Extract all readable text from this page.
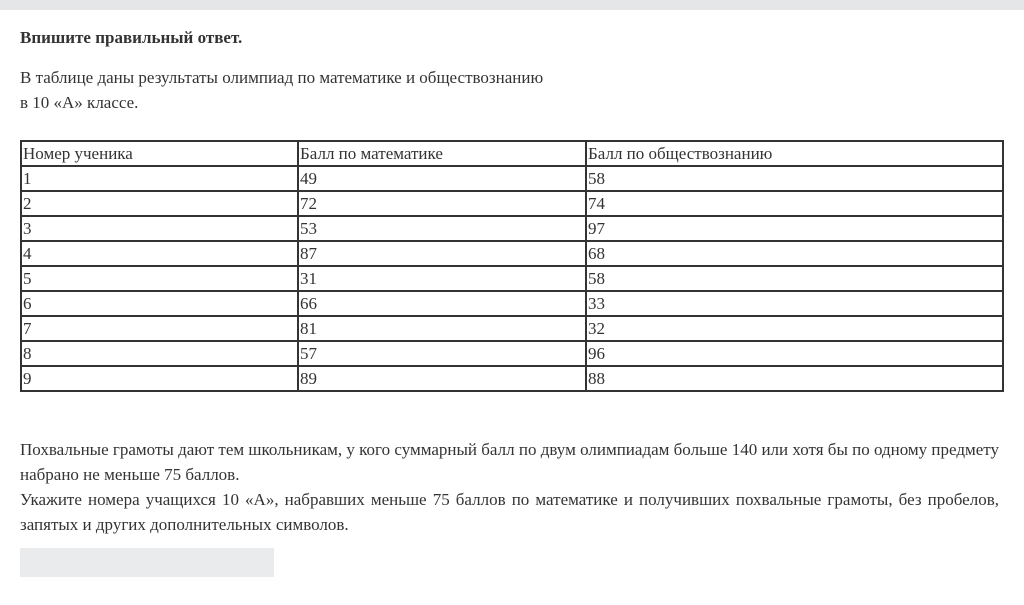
Впишите правильный ответ.
В таблице даны результаты олимпиад по математике и обществознанию
в 10 «А» классе.
Номер ученика	Балл по математике	Балл по обществознанию
1	49	58
2	72	74
3	53	97
4	87	68
5	31	58
6	66	33
7	81	32
8	57	96
9	89	88

Похвальные грамоты дают тем школьникам, у кого суммарный балл по двум олимпиадам больше 140 или хотя бы по одному предмету набрано не меньше 75 баллов.

Укажите номера учащихся 10 «А», набравших меньше 75 баллов по математике и получивших похвальные грамоты, без пробелов, запятых и других дополнительных символов.
